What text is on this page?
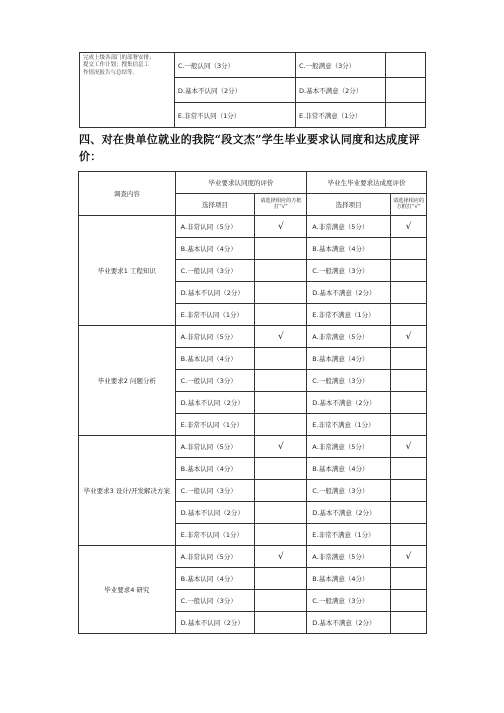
完成上级各部门的部署安排；
提交工作计划；搜集信息工
作情况报告与总结等。	C.一般认同（3分）	C.一般满意（3分）	
	D.基本不认同（2分）	D.基本不满意（2分）	
	E.非常不认同（1分）	E.非常不满意（1分）	
四、对在贵单位就业的我院“段文杰”学生毕业要求认同度和达成度评价：
调查内容	毕业要求认同度的评价		毕业生毕业要求达成度评价	
	选择项目	请选择相应的方框打“√”	选择项目	请选择相应的方框打“√”
毕业要求1 工程知识	A.非常认同（5分）	√	A.非常满意（5分）	√
	B.基本认同（4分）		B.基本满意（4分）	
	C.一般认同（3分）		C.一般满意（3分）	
	D.基本不认同（2分）		D.基本不满意（2分）	
	E.非常不认同（1分）		E.非常不满意（1分）	
毕业要求2 问题分析	A.非常认同（5分）	√	A.非常满意（5分）	√
	B.基本认同（4分）		B.基本满意（4分）	
	C.一般认同（3分）		C.一般满意（3分）	
	D.基本不认同（2分）		D.基本不满意（2分）	
	E.非常不认同（1分）		E.非常不满意（1分）	
毕业要求3 设计/开发解决方案	A.非常认同（5分）	√	A.非常满意（5分）	√
	B.基本认同（4分）		B.基本满意（4分）	
	C.一般认同（3分）		C.一般满意（3分）	
	D.基本不认同（2分）		D.基本不满意（2分）	
	E.非常不认同（1分）		E.非常不满意（1分）	
毕业要求4 研究	A.非常认同（5分）	√	A.非常满意（5分）	√
	B.基本认同（4分）		B.基本满意（4分）	
	C.一般认同（3分）		C.一般满意（3分）	
	D.基本不认同（2分）		D.基本不满意（2分）	
